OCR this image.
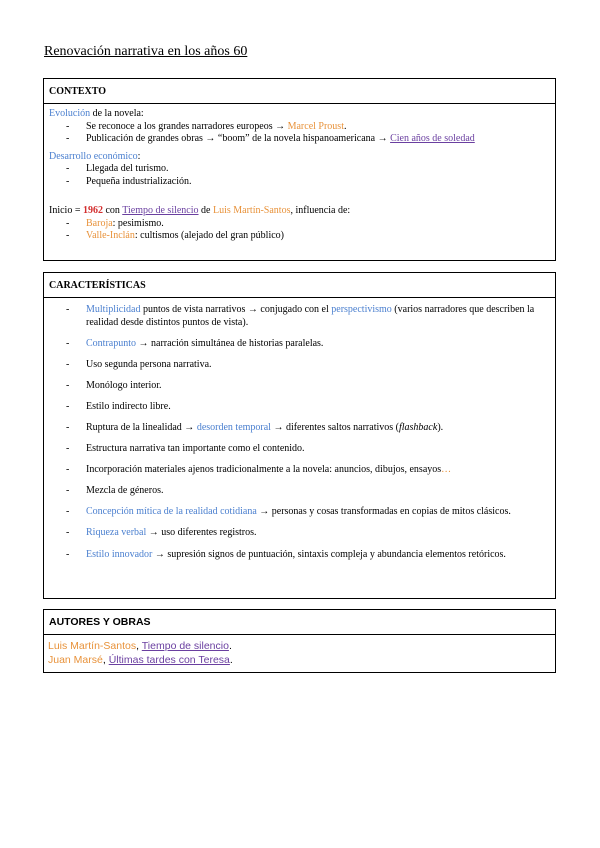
Renovación narrativa en los años 60
CONTEXTO
Evolución de la novela:
- Se reconoce a los grandes narradores europeos → Marcel Proust.
- Publicación de grandes obras → “boom” de la novela hispanoamericana → Cien años de soledad
Desarrollo económico:
- Llegada del turismo.
- Pequeña industrialización.
Inicio = 1962 con Tiempo de silencio de Luis Martín-Santos, influencia de:
- Baroja: pesimismo.
- Valle-Inclán: cultismos (alejado del gran público)
CARACTERÍSTICAS
- Multiplicidad puntos de vista narrativos → conjugado con el perspectivismo (varios narradores que describen la realidad desde distintos puntos de vista).
- Contrapunto → narración simultánea de historias paralelas.
- Uso segunda persona narrativa.
- Monólogo interior.
- Estilo indirecto libre.
- Ruptura de la linealidad → desorden temporal → diferentes saltos narrativos (flashback).
- Estructura narrativa tan importante como el contenido.
- Incorporación materiales ajenos tradicionalmente a la novela: anuncios, dibujos, ensayos…
- Mezcla de géneros.
- Concepción mítica de la realidad cotidiana → personas y cosas transformadas en copias de mitos clásicos.
- Riqueza verbal → uso diferentes registros.
- Estilo innovador → supresión signos de puntuación, sintaxis compleja y abundancia elementos retóricos.
AUTORES Y OBRAS
Luis Martín-Santos, Tiempo de silencio.
Juan Marsé, Últimas tardes con Teresa.
